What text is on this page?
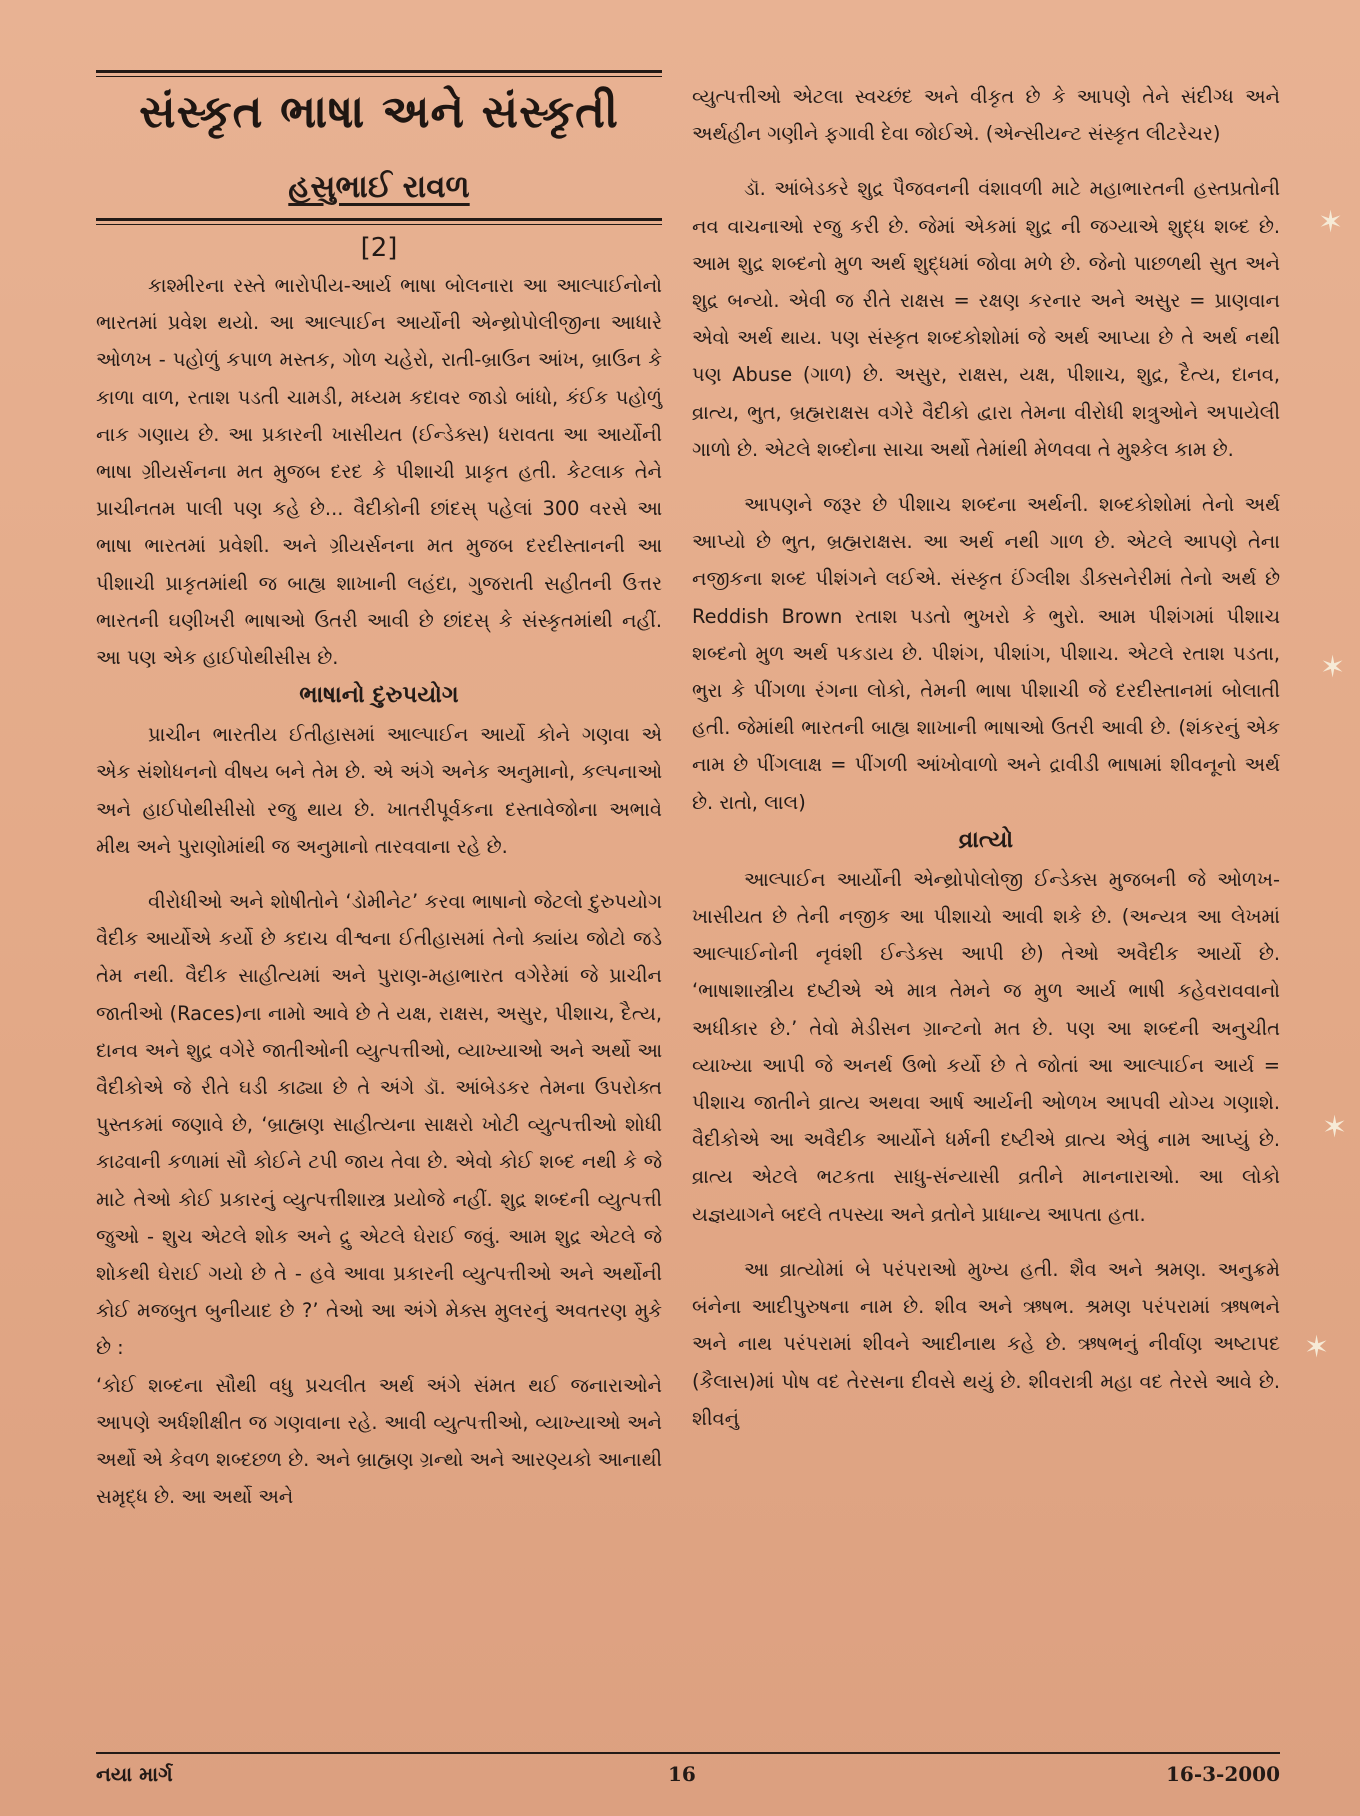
સંસ્કૃત ભાષા અને સંસ્કૃતી
હસુભાઈ રાવળ
[2]

કાશ્મીરના રસ્તે ભારોપીય-આર્ય ભાષા બોલનારા આ આલ્પાઈનોનો ભારતમાં પ્રવેશ થયો. આ આલ્પાઈન આર્યોની એન્થ્રોપોલીજીના આધારે ઓળખ - પહોળું કપાળ મસ્તક, ગોળ ચહેરો, રાતી-બ્રાઉન આંખ, બ્રાઉન કે કાળા વાળ, રતાશ પડતી ચામડી, મધ્યમ કદાવર જાડો બાંધો, કંઈક પહોળું નાક ગણાય છે. આ પ્રકારની ખાસીયત (ઈન્ડેક્સ) ધરાવતા આ આર્યોની ભાષા ગ્રીયર્સનના મત મુજબ દરદ કે પીશાચી પ્રાકૃત હતી. કેટલાક તેને પ્રાચીનતમ પાલી પણ કહે છે... વૈદીકોની છાંદસ્ પહેલાં 300 વરસે આ ભાષા ભારતમાં પ્રવેશી. અને ગ્રીયર્સનના મત મુજબ દરદીસ્તાનની આ પીશાચી પ્રાકૃતમાંથી જ બાહ્ય શાખાની લહંદા, ગુજરાતી સહીતની ઉત્તર ભારતની ઘણીખરી ભાષાઓ ઉતરી આવી છે છાંદસ્ કે સંસ્કૃતમાંથી નહીં. આ પણ એક હાઈપોથીસીસ છે.

ભાષાનો દુરુપયોગ

પ્રાચીન ભારતીય ઈતીહાસમાં આલ્પાઈન આર્યો કોને ગણવા એ એક સંશોધનનો વીષય બને તેમ છે. એ અંગે અનેક અનુમાનો, કલ્પનાઓ અને હાઈપોથીસીસો રજુ થાય છે. ખાતરીપૂર્વકના દસ્તાવેજોના અભાવે મીથ અને પુરાણોમાંથી જ અનુમાનો તારવવાના રહે છે.

વીરોધીઓ અને શોષીતોને ‘ડોમીનેટ’ કરવા ભાષાનો જેટલો દુરુપયોગ વૈદીક આર્યોએ કર્યો છે કદાચ વીશ્વના ઈતીહાસમાં તેનો ક્યાંય જોટો જડે તેમ નથી. વૈદીક સાહીત્યમાં અને પુરાણ-મહાભારત વગેરેમાં જે પ્રાચીન જાતીઓ (Races)ના નામો આવે છે તે યક્ષ, રાક્ષસ, અસુર, પીશાચ, દૈત્ય, દાનવ અને શુદ્ર વગેરે જાતીઓની વ્યુત્પત્તીઓ, વ્યાખ્યાઓ અને અર્થો આ વૈદીકોએ જે રીતે ઘડી કાઢ્યા છે તે અંગે ડૉ. આંબેડકર તેમના ઉપરોક્ત પુસ્તકમાં જણાવે છે, ‘બ્રાહ્મણ સાહીત્યના સાક્ષરો ખોટી વ્યુત્પત્તીઓ શોધી કાઢવાની કળામાં સૌ કોઈને ટપી જાય તેવા છે. એવો કોઈ શબ્દ નથી કે જે માટે તેઓ કોઈ પ્રકારનું વ્યુત્પત્તીશાસ્ત્ર પ્રયોજે નહીં. શુદ્ર શબ્દની વ્યુત્પત્તી જુઓ - શુચ એટલે શોક અને દ્રુ એટલે ઘેરાઈ જવું. આમ શુદ્ર એટલે જે શોકથી ઘેરાઈ ગયો છે તે - હવે આવા પ્રકારની વ્યુત્પત્તીઓ અને અર્થોની કોઈ મજબુત બુનીયાદ છે ?’ તેઓ આ અંગે મેક્સ મુલરનું અવતરણ મુકે છે :

‘કોઈ શબ્દના સૌથી વધુ પ્રચલીત અર્થ અંગે સંમત થઈ જનારાઓને આપણે અર્ધશીક્ષીત જ ગણવાના રહે. આવી વ્યુત્પત્તીઓ, વ્યાખ્યાઓ અને અર્થો એ કેવળ શબ્દછળ છે. અને બ્રાહ્મણ ગ્રન્થો અને આરણ્યકો આનાથી સમૃદ્ધ છે. આ અર્થો અને

વ્યુત્પત્તીઓ એટલા સ્વચ્છંદ અને વીકૃત છે કે આપણે તેને સંદીગ્ધ અને અર્થહીન ગણીને ફગાવી દેવા જોઈએ. (એન્સીયન્ટ સંસ્કૃત લીટરેચર)

ડૉ. આંબેડકરે શુદ્ર પૈજવનની વંશાવળી માટે મહાભારતની હસ્તપ્રતોની નવ વાચનાઓ રજુ કરી છે. જેમાં એકમાં શુદ્ર ની જગ્યાએ શુદ્ધ શબ્દ છે. આમ શુદ્ર શબ્દનો મુળ અર્થ શુદ્ધમાં જોવા મળે છે. જેનો પાછળથી સુત અને શુદ્ર બન્યો. એવી જ રીતે રાક્ષસ = રક્ષણ કરનાર અને અસુર = પ્રાણવાન એવો અર્થ થાય. પણ સંસ્કૃત શબ્દકોશોમાં જે અર્થ આપ્યા છે તે અર્થ નથી પણ Abuse (ગાળ) છે. અસુર, રાક્ષસ, યક્ષ, પીશાચ, શુદ્ર, દૈત્ય, દાનવ, વ્રાત્ય, ભુત, બ્રહ્મરાક્ષસ વગેરે વૈદીકો દ્વારા તેમના વીરોધી શત્રુઓને અપાયેલી ગાળો છે. એટલે શબ્દોના સાચા અર્થો તેમાંથી મેળવવા તે મુશ્કેલ કામ છે.

આપણને જરૂર છે પીશાચ શબ્દના અર્થની. શબ્દકોશોમાં તેનો અર્થ આપ્યો છે ભુત, બ્રહ્મરાક્ષસ. આ અર્થ નથી ગાળ છે. એટલે આપણે તેના નજીકના શબ્દ પીશંગને લઈએ. સંસ્કૃત ઈંગ્લીશ ડીક્સનેરીમાં તેનો અર્થ છે Reddish Brown રતાશ પડતો ભુખરો કે ભુરો. આમ પીશંગમાં પીશાચ શબ્દનો મુળ અર્થ પકડાય છે. પીશંગ, પીશાંગ, પીશાચ. એટલે રતાશ પડતા, ભુરા કે પીંગળા રંગના લોકો, તેમની ભાષા પીશાચી જે દરદીસ્તાનમાં બોલાતી હતી. જેમાંથી ભારતની બાહ્ય શાખાની ભાષાઓ ઉતરી આવી છે. (શંકરનું એક નામ છે પીંગલાક્ષ = પીંગળી આંખોવાળો અને દ્રાવીડી ભાષામાં શીવનૂનો અર્થ છે. રાતો, લાલ)

વ્રાત્યો

આલ્પાઈન આર્યોની એન્થ્રોપોલોજી ઈન્ડેક્સ મુજબની જે ઓળખ-ખાસીયત છે તેની નજીક આ પીશાચો આવી શકે છે. (અન્યત્ર આ લેખમાં આલ્પાઈનોની નૃવંશી ઈન્ડેક્સ આપી છે) તેઓ અવૈદીક આર્યો છે. ‘ભાષાશાસ્ત્રીય દષ્ટીએ એ માત્ર તેમને જ મુળ આર્ય ભાષી કહેવરાવવાનો અધીકાર છે.’ તેવો મેડીસન ગ્રાન્ટનો મત છે. પણ આ શબ્દની અનુચીત વ્યાખ્યા આપી જે અનર્થ ઉભો કર્યો છે તે જોતાં આ આલ્પાઈન આર્ય = પીશાચ જાતીને વ્રાત્ય અથવા આર્ષ આર્યની ઓળખ આપવી યોગ્ય ગણાશે. વૈદીકોએ આ અવૈદીક આર્યોને ધર્મની દષ્ટીએ વ્રાત્ય એવું નામ આપ્યું છે. વ્રાત્ય એટલે ભટકતા સાધુ-સંન્યાસી વ્રતીને માનનારાઓ. આ લોકો યજ્ઞયાગને બદલે તપસ્યા અને વ્રતોને પ્રાધાન્ય આપતા હતા.

આ વ્રાત્યોમાં બે પરંપરાઓ મુખ્ય હતી. શૈવ અને શ્રમણ. અનુક્રમે બંનેના આદીપુરુષના નામ છે. શીવ અને ઋષભ. શ્રમણ પરંપરામાં ઋષભને અને નાથ પરંપરામાં શીવને આદીનાથ કહે છે. ઋષભનું નીર્વાણ અષ્ટાપદ (કૈલાસ)માં પોષ વદ તેરસના દીવસે થયું છે. શીવરાત્રી મહા વદ તેરસે આવે છે. શીવનું

✶
✶
✶
✶
નયા માર્ગ	16	16-3-2000
